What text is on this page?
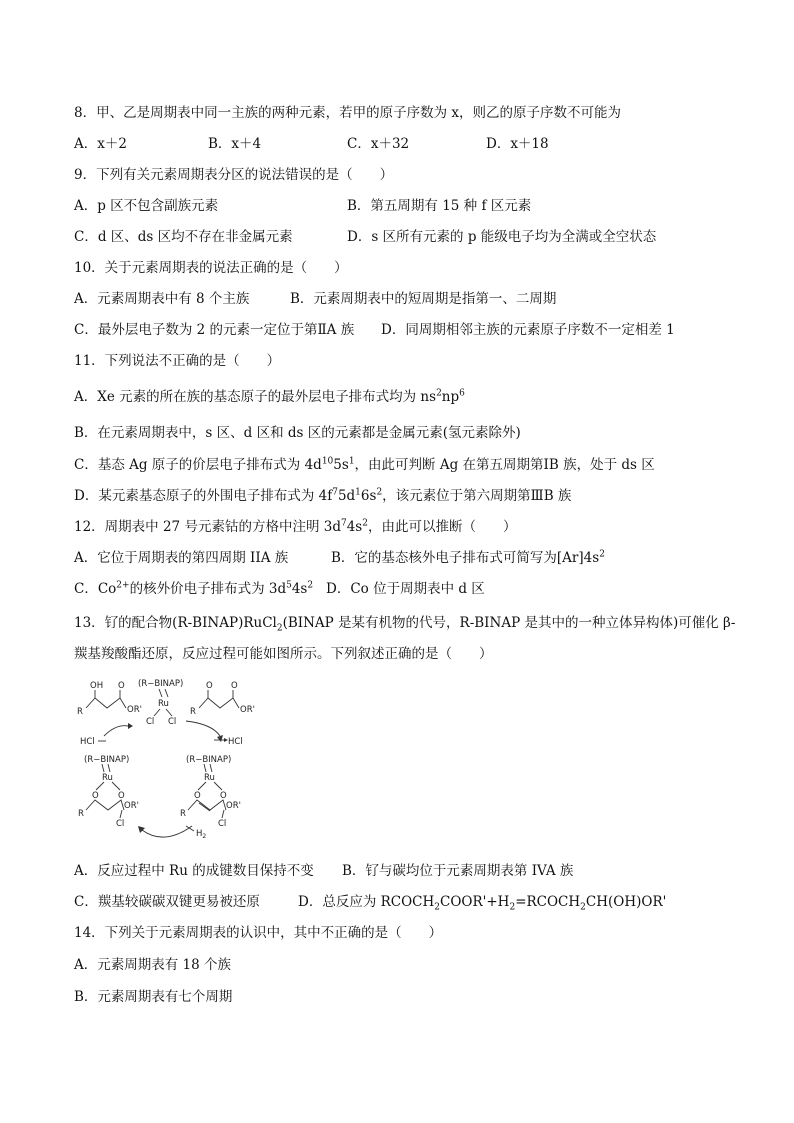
8．甲、乙是周期表中同一主族的两种元素，若甲的原子序数为 x，则乙的原子序数不可能为
A．x＋2	B．x＋4	C．x＋32	D．x＋18
9．下列有关元素周期表分区的说法错误的是（　　）
A．p 区不包含副族元素	B．第五周期有 15 种 f 区元素
C．d 区、ds 区均不存在非金属元素	D．s 区所有元素的 p 能级电子均为全满或全空状态
10．关于元素周期表的说法正确的是（　　）
A．元素周期表中有 8 个主族	B．元素周期表中的短周期是指第一、二周期
C．最外层电子数为 2 的元素一定位于第ⅡA 族 D．同周期相邻主族的元素原子序数不一定相差 1
11．下列说法不正确的是（　　）
A．Xe 元素的所在族的基态原子的最外层电子排布式均为 $ns^2np^6$
B．在元素周期表中，s 区、d 区和 ds 区的元素都是金属元素(氢元素除外)
C．基态 Ag 原子的价层电子排布式为 $4d^{10}5s^1$，由此可判断 Ag 在第五周期第ⅠB 族，处于 ds 区
D．某元素基态原子的外围电子排布式为 $4f^75d^16s^2$，该元素位于第六周期第ⅢB 族
12．周期表中 27 号元素钴的方格中注明 $3d^74s^2$，由此可以推断（　　）
A．它位于周期表的第四周期 IIA 族	B．它的基态核外电子排布式可简写为$[Ar]4s^2$
C．$Co^{2+}$的核外价电子排布式为 $3d^54s^2$ D．Co 位于周期表中 d 区
13．钌的配合物(R-BINAP)RuCl$_2$(BINAP 是某有机物的代号，R-BINAP 是其中的一种立体异构体)可催化 β-
羰基羧酸酯还原，反应过程可能如图所示。下列叙述正确的是（　　）
OH O
R	OR'
(R−BINAP)
Ru
Cl Cl
O O
R	OR'
HCl	HCl
(R−BINAP)
Ru
O O
R
OR'
Cl
(R−BINAP)
Ru
O O
R
OR'
Cl
$H_2$
A．反应过程中 Ru 的成键数目保持不变 B．钌与碳均位于元素周期表第 IVA 族
C．羰基较碳碳双键更易被还原	D．总反应为 $RCOCH_2COOR'+H_2=RCOCH_2CH(OH)OR'$
14．下列关于元素周期表的认识中，其中不正确的是（　　）
A．元素周期表有 18 个族
B．元素周期表有七个周期
